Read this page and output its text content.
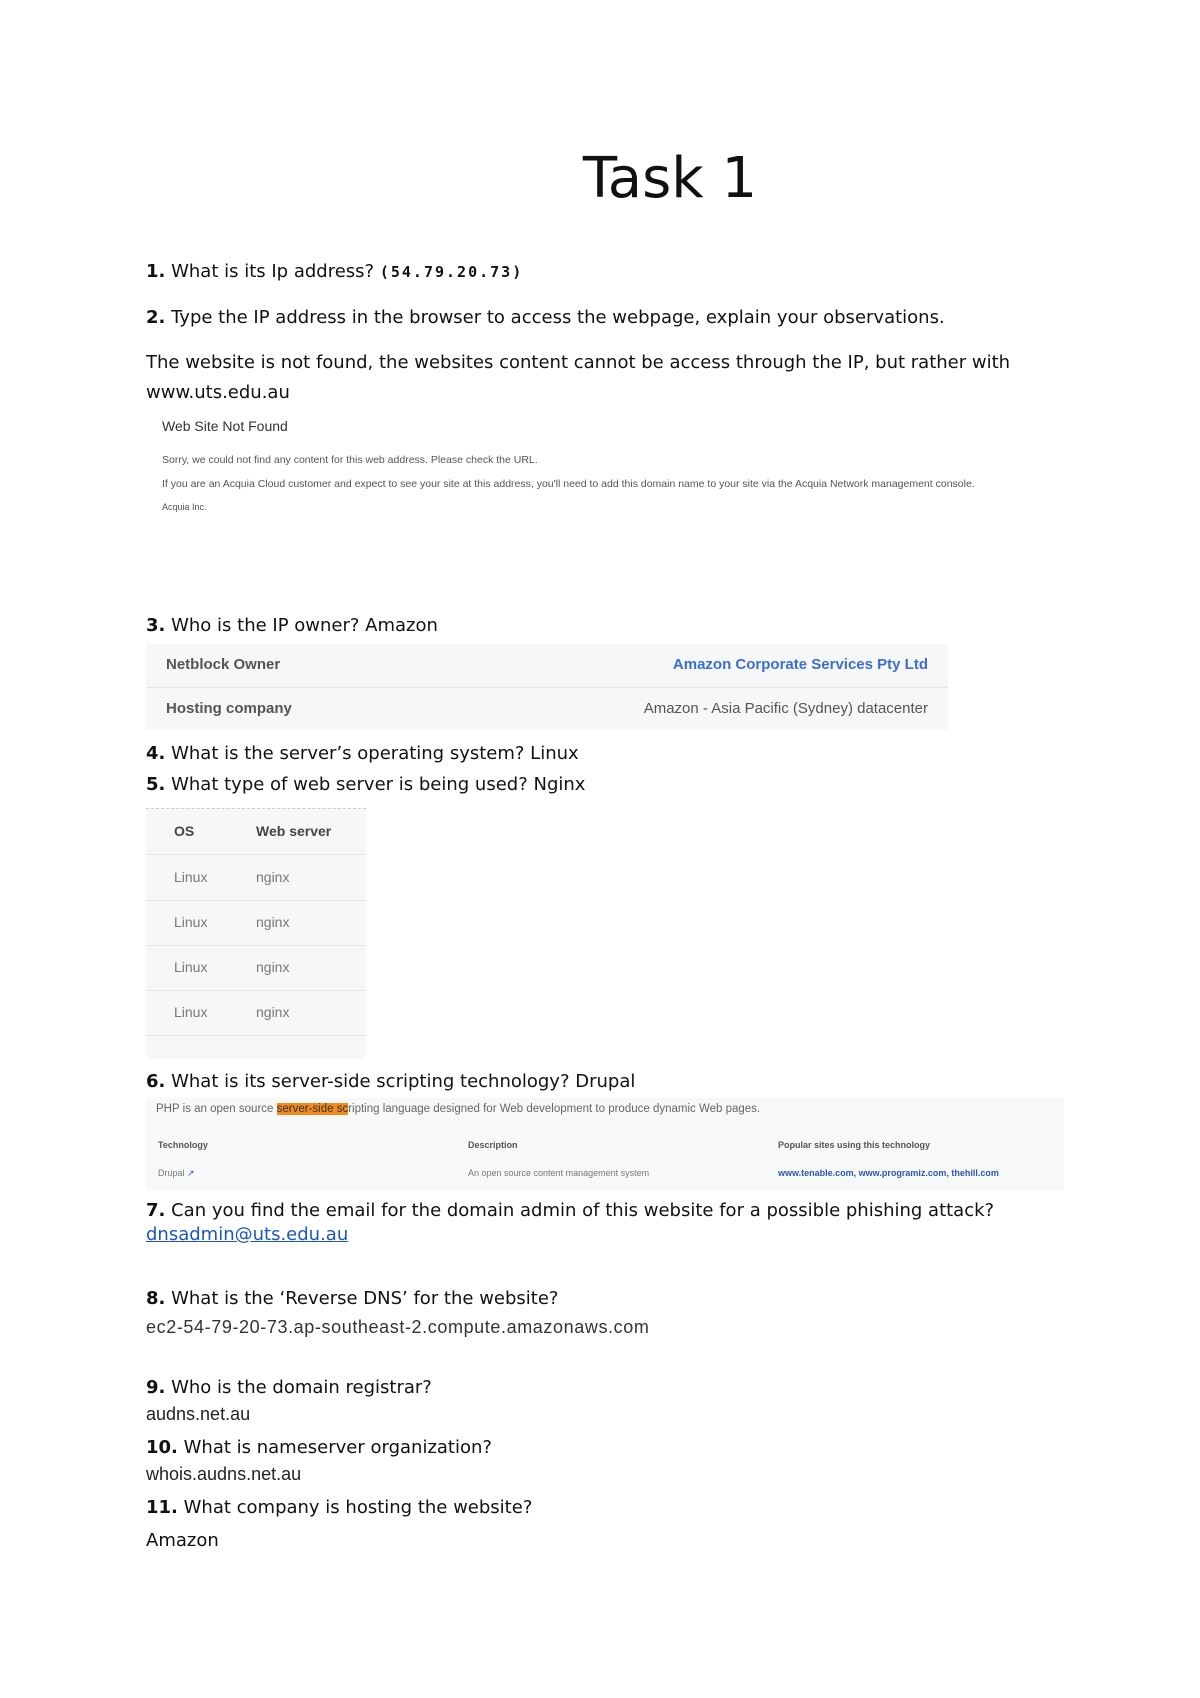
Task 1
1. What is its Ip address? (54.79.20.73)
2. Type the IP address in the browser to access the webpage, explain your observations.
The website is not found, the websites content cannot be access through the IP, but rather with
www.uts.edu.au
Web Site Not Found
Sorry, we could not find any content for this web address. Please check the URL.
If you are an Acquia Cloud customer and expect to see your site at this address, you'll need to add this domain name to your site via the Acquia Network management console.
Acquia Inc.
3. Who is the IP owner? Amazon
Netblock Owner	Amazon Corporate Services Pty Ltd
Hosting company	Amazon - Asia Pacific (Sydney) datacenter
4. What is the server’s operating system? Linux
5. What type of web server is being used? Nginx
OS	Web server
Linux	nginx
Linux	nginx
Linux	nginx
Linux	nginx
6. What is its server-side scripting technology? Drupal
PHP is an open source server-side scripting language designed for Web development to produce dynamic Web pages.
Technology	Description	Popular sites using this technology
Drupal ↗	An open source content management system	www.tenable.com, www.programiz.com, thehill.com
7. Can you find the email for the domain admin of this website for a possible phishing attack?
dnsadmin@uts.edu.au
8. What is the ‘Reverse DNS’ for the website?
ec2-54-79-20-73.ap-southeast-2.compute.amazonaws.com
9. Who is the domain registrar?
audns.net.au
10. What is nameserver organization?
whois.audns.net.au
11. What company is hosting the website?
Amazon
